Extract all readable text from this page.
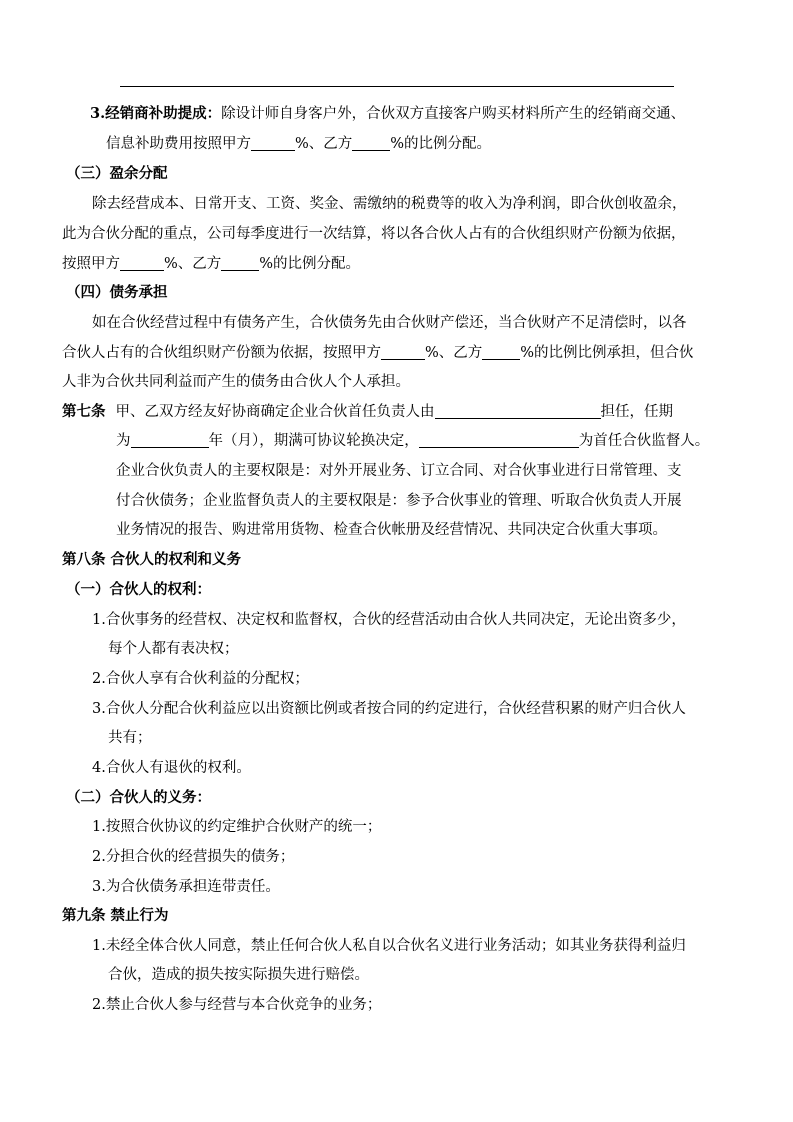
3.经销商补助提成：除设计师自身客户外，合伙双方直接客户购买材料所产生的经销商交通、
信息补助费用按照甲方	%、乙方	%的比例分配。
（三）盈余分配
除去经营成本、日常开支、工资、奖金、需缴纳的税费等的收入为净利润，即合伙创收盈余，
此为合伙分配的重点，公司每季度进行一次结算，将以各合伙人占有的合伙组织财产份额为依据，
按照甲方	%、乙方	%的比例分配。
（四）债务承担
如在合伙经营过程中有债务产生，合伙债务先由合伙财产偿还，当合伙财产不足清偿时，以各
合伙人占有的合伙组织财产份额为依据，按照甲方	%、乙方	%的比例比例承担，但合伙
人非为合伙共同利益而产生的债务由合伙人个人承担。
第七条 甲、乙双方经友好协商确定企业合伙首任负责人由	担任，任期
为	年（月），期满可协议轮换决定，	为首任合伙监督人。
企业合伙负责人的主要权限是：对外开展业务、订立合同、对合伙事业进行日常管理、支
付合伙债务；企业监督负责人的主要权限是：参予合伙事业的管理、听取合伙负责人开展
业务情况的报告、购进常用货物、检查合伙帐册及经营情况、共同决定合伙重大事项。
第八条 合伙人的权利和义务
（一）合伙人的权利：
1.合伙事务的经营权、决定权和监督权，合伙的经营活动由合伙人共同决定，无论出资多少，
每个人都有表决权；
2.合伙人享有合伙利益的分配权；
3.合伙人分配合伙利益应以出资额比例或者按合同的约定进行，合伙经营积累的财产归合伙人
共有；
4.合伙人有退伙的权利。
（二）合伙人的义务：
1.按照合伙协议的约定维护合伙财产的统一；
2.分担合伙的经营损失的债务；
3.为合伙债务承担连带责任。
第九条 禁止行为
1.未经全体合伙人同意，禁止任何合伙人私自以合伙名义进行业务活动；如其业务获得利益归
合伙，造成的损失按实际损失进行赔偿。
2.禁止合伙人参与经营与本合伙竞争的业务；
